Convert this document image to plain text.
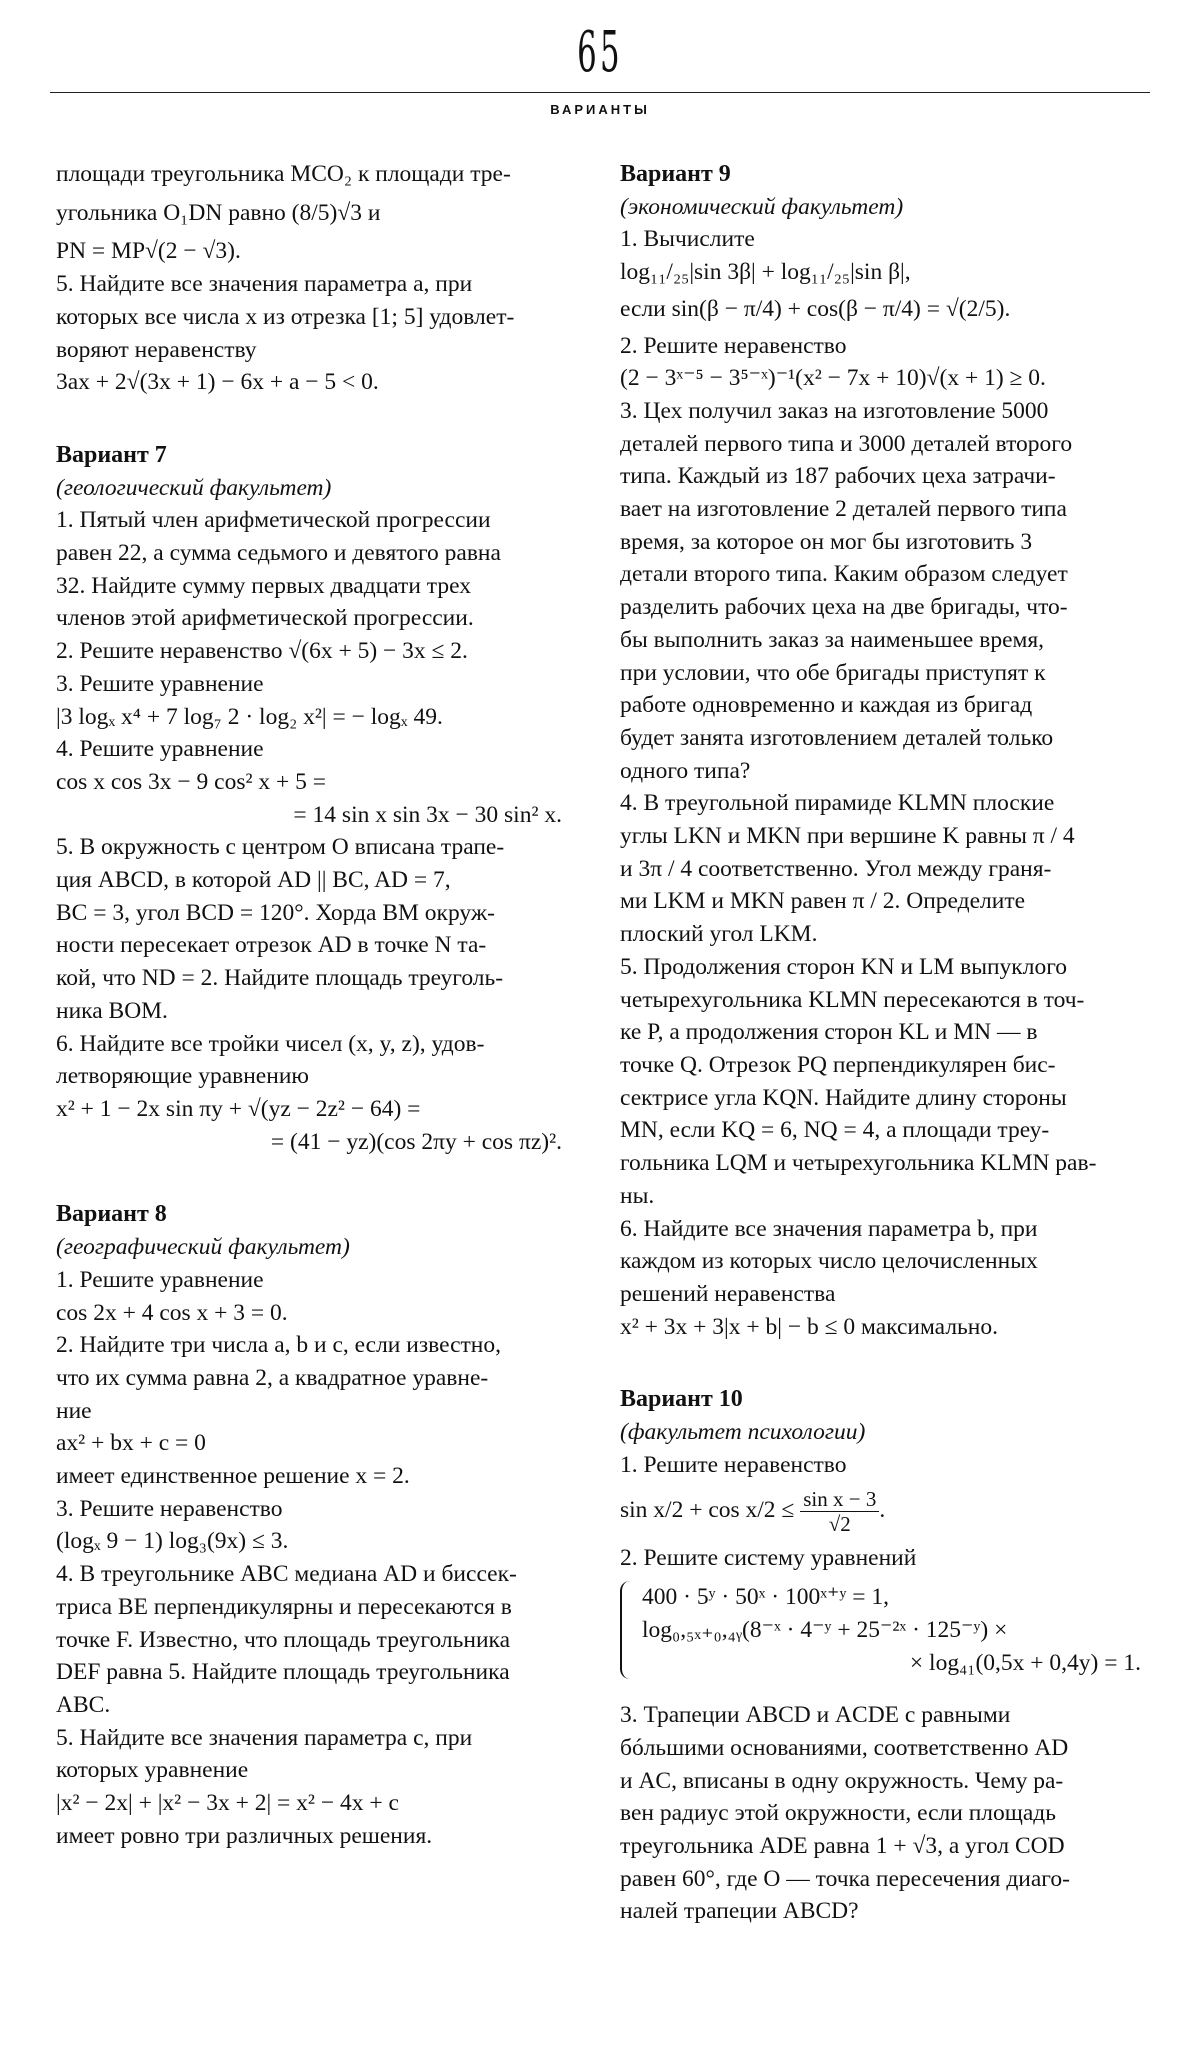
65
ВАРИАНТЫ
площади треугольника MCO₂ к площади тре-
угольника O₁DN равно (8/5)√3 и
PN = MP√(2 − √3).
5. Найдите все значения параметра a, при
которых все числа x из отрезка [1; 5] удовлет-
воряют неравенству
3ax + 2√(3x + 1) − 6x + a − 5 < 0.
Вариант 7
(геологический факультет)
1. Пятый член арифметической прогрессии
равен 22, а сумма седьмого и девятого равна
32. Найдите сумму первых двадцати трех
членов этой арифметической прогрессии.
2. Решите неравенство √(6x + 5) − 3x ≤ 2.
3. Решите уравнение
|3 logₓ x⁴ + 7 log₇ 2 · log₂ x²| = − logₓ 49.
4. Решите уравнение
cos x cos 3x − 9 cos² x + 5 =
= 14 sin x sin 3x − 30 sin² x.
5. В окружность с центром O вписана трапе-
ция ABCD, в которой AD || BC, AD = 7,
BC = 3, угол BCD = 120°. Хорда BM окруж-
ности пересекает отрезок AD в точке N та-
кой, что ND = 2. Найдите площадь треуголь-
ника BOM.
6. Найдите все тройки чисел (x, y, z), удов-
летворяющие уравнению
x² + 1 − 2x sin πy + √(yz − 2z² − 64) =
= (41 − yz)(cos 2πy + cos πz)².
Вариант 8
(географический факультет)
1. Решите уравнение
cos 2x + 4 cos x + 3 = 0.
2. Найдите три числа a, b и c, если известно,
что их сумма равна 2, а квадратное уравне-
ние
ax² + bx + c = 0
имеет единственное решение x = 2.
3. Решите неравенство
(logₓ 9 − 1) log₃(9x) ≤ 3.
4. В треугольнике ABC медиана AD и биссек-
триса BE перпендикулярны и пересекаются в
точке F. Известно, что площадь треугольника
DEF равна 5. Найдите площадь треугольника
ABC.
5. Найдите все значения параметра c, при
которых уравнение
|x² − 2x| + |x² − 3x + 2| = x² − 4x + c
имеет ровно три различных решения.
Вариант 9
(экономический факультет)
1. Вычислите
log₁₁/₂₅|sin 3β| + log₁₁/₂₅|sin β|,
если sin(β − π/4) + cos(β − π/4) = √(2/5).
2. Решите неравенство
(2 − 3ˣ⁻⁵ − 3⁵⁻ˣ)⁻¹(x² − 7x + 10)√(x + 1) ≥ 0.
3. Цех получил заказ на изготовление 5000
деталей первого типа и 3000 деталей второго
типа. Каждый из 187 рабочих цеха затрачи-
вает на изготовление 2 деталей первого типа
время, за которое он мог бы изготовить 3
детали второго типа. Каким образом следует
разделить рабочих цеха на две бригады, что-
бы выполнить заказ за наименьшее время,
при условии, что обе бригады приступят к
работе одновременно и каждая из бригад
будет занята изготовлением деталей только
одного типа?
4. В треугольной пирамиде KLMN плоские
углы LKN и MKN при вершине K равны π / 4
и 3π / 4 соответственно. Угол между граня-
ми LKM и MKN равен π / 2. Определите
плоский угол LKM.
5. Продолжения сторон KN и LM выпуклого
четырехугольника KLMN пересекаются в точ-
ке P, а продолжения сторон KL и MN — в
точке Q. Отрезок PQ перпендикулярен бис-
сектрисе угла KQN. Найдите длину стороны
MN, если KQ = 6, NQ = 4, а площади треу-
гольника LQM и четырехугольника KLMN рав-
ны.
6. Найдите все значения параметра b, при
каждом из которых число целочисленных
решений неравенства
x² + 3x + 3|x + b| − b ≤ 0 максимально.
Вариант 10
(факультет психологии)
1. Решите неравенство
$\sin x/2 + \cos x/2 \le \frac{\text{sin x − 3}}{√2}$ .
2. Решите систему уравнений
400 · 5ʸ · 50ˣ · 100ˣ⁺ʸ = 1,
log₀,₅ₓ₊₀,₄ᵧ(8⁻ˣ · 4⁻ʸ + 25⁻²ˣ · 125⁻ʸ) ×
× log₄₁(0,5x + 0,4y) = 1.
3. Трапеции ABCD и ACDE с равными
бóльшими основаниями, соответственно AD
и AC, вписаны в одну окружность. Чему ра-
вен радиус этой окружности, если площадь
треугольника ADE равна 1 + √3, а угол COD
равен 60°, где O — точка пересечения диаго-
налей трапеции ABCD?
